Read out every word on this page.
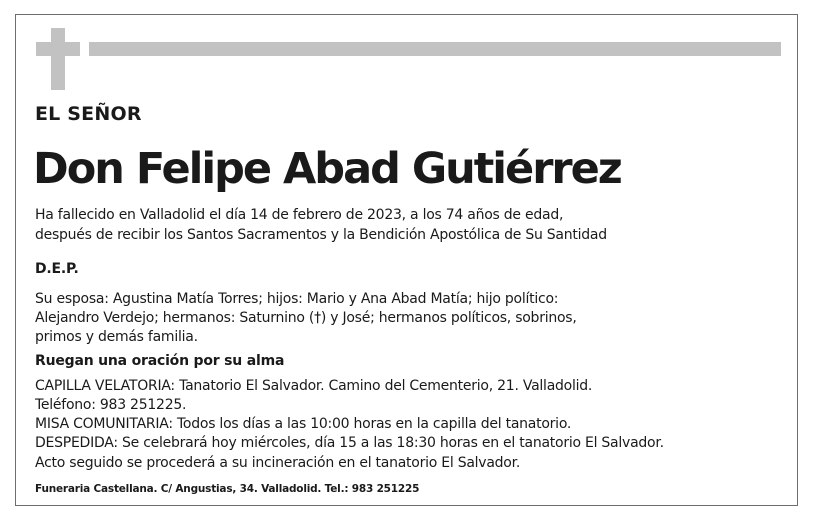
EL SEÑOR
Don Felipe Abad Gutiérrez
Ha fallecido en Valladolid el día 14 de febrero de 2023, a los 74 años de edad,
después de recibir los Santos Sacramentos y la Bendición Apostólica de Su Santidad
D.E.P.
Su esposa: Agustina Matía Torres; hijos: Mario y Ana Abad Matía; hijo político:
Alejandro Verdejo; hermanos: Saturnino (†) y José; hermanos políticos, sobrinos,
primos y demás familia.
Ruegan una oración por su alma
CAPILLA VELATORIA: Tanatorio El Salvador. Camino del Cementerio, 21. Valladolid.
Teléfono: 983 251225.
MISA COMUNITARIA: Todos los días a las 10:00 horas en la capilla del tanatorio.
DESPEDIDA: Se celebrará hoy miércoles, día 15 a las 18:30 horas en el tanatorio El Salvador.
Acto seguido se procederá a su incineración en el tanatorio El Salvador.
Funeraria Castellana. C/ Angustias, 34. Valladolid. Tel.: 983 251225
